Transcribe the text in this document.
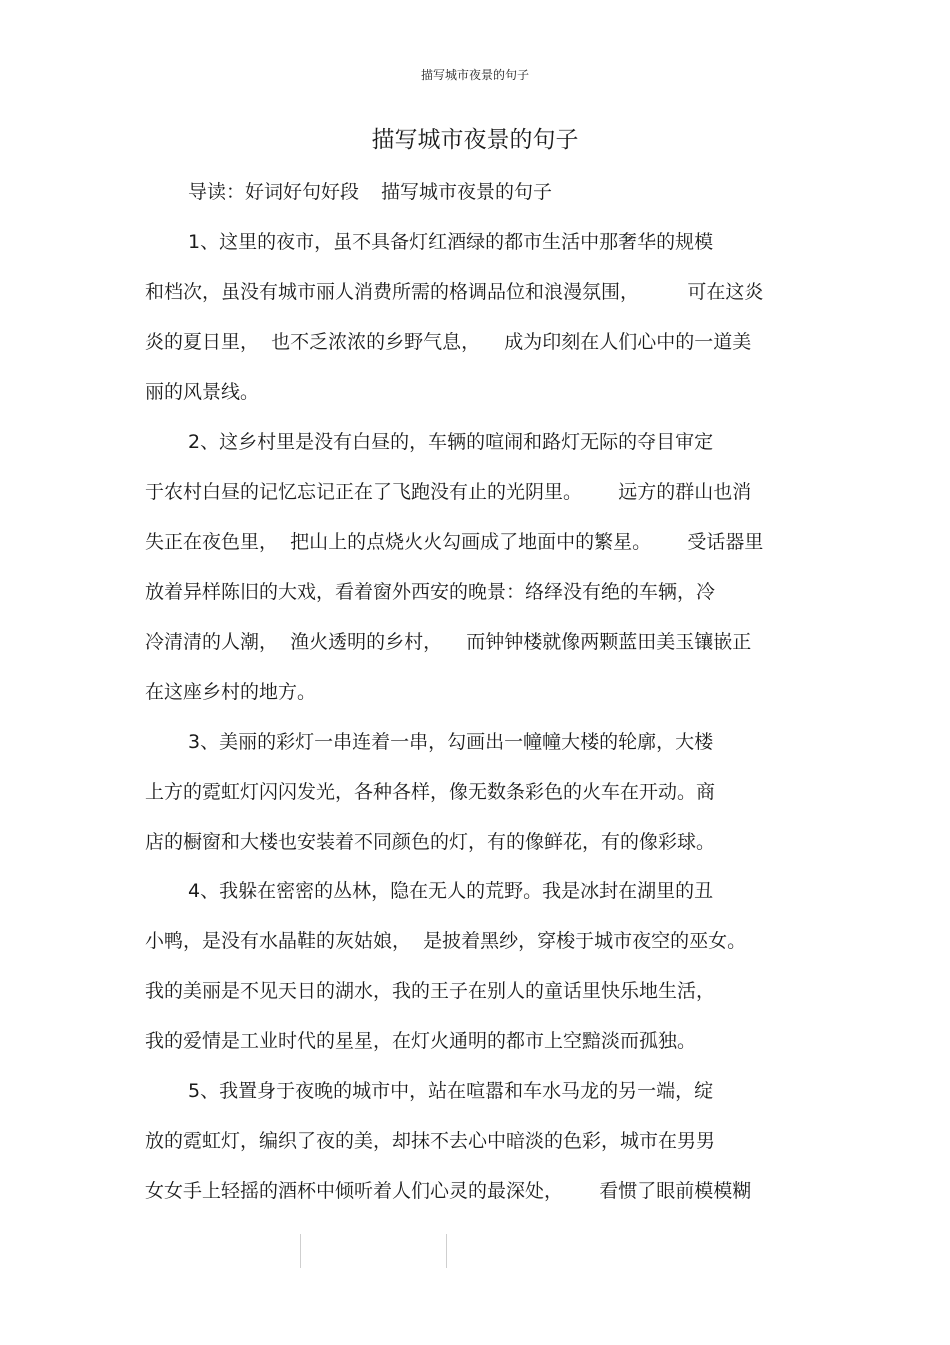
描写城市夜景的句子
描写城市夜景的句子
导读：好词好句好段 描写城市夜景的句子
1、这里的夜市，虽不具备灯红酒绿的都市生活中那奢华的规模
和档次，虽没有城市丽人消费所需的格调品位和浪漫氛围，        可在这炎
炎的夏日里，  也不乏浓浓的乡野气息，    成为印刻在人们心中的一道美
丽的风景线。
2、这乡村里是没有白昼的，车辆的喧闹和路灯无际的夺目审定
于农村白昼的记忆忘记正在了飞跑没有止的光阴里。      远方的群山也消
失正在夜色里，  把山上的点烧火火勾画成了地面中的繁星。      受话器里
放着异样陈旧的大戏，看着窗外西安的晚景：络绎没有绝的车辆，冷
冷清清的人潮，  渔火透明的乡村，    而钟钟楼就像两颗蓝田美玉镶嵌正
在这座乡村的地方。
3、美丽的彩灯一串连着一串，勾画出一幢幢大楼的轮廓，大楼
上方的霓虹灯闪闪发光，各种各样，像无数条彩色的火车在开动。商
店的橱窗和大楼也安装着不同颜色的灯，有的像鲜花，有的像彩球。
4、我躲在密密的丛林，隐在无人的荒野。我是冰封在湖里的丑
小鸭，是没有水晶鞋的灰姑娘，  是披着黑纱，穿梭于城市夜空的巫女。
我的美丽是不见天日的湖水，我的王子在别人的童话里快乐地生活，
我的爱情是工业时代的星星，在灯火通明的都市上空黯淡而孤独。
5、我置身于夜晚的城市中，站在喧嚣和车水马龙的另一端，绽
放的霓虹灯，编织了夜的美，却抹不去心中暗淡的色彩，城市在男男
女女手上轻摇的酒杯中倾听着人们心灵的最深处，      看惯了眼前模模糊
